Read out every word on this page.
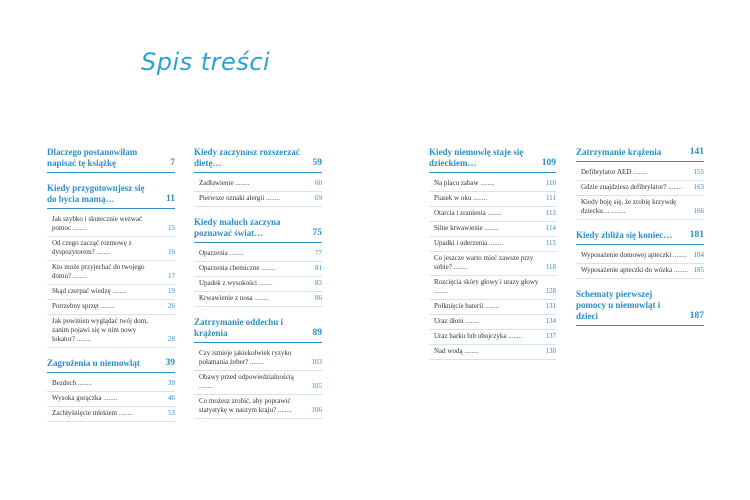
Spis treści
Dlaczego postanowiłam napisać tę książkę	7
Kiedy przygotowujesz się do bycia mamą…	11
Jak szybko i skutecznie wezwać pomoc ........	15
Od czego zacząć rozmowę z dyspozytorem? ........	16
Kto może przyjechać do twojego domu? ........	17
Skąd czerpać wiedzę ........	19
Potrzebny sprzęt ........	26
Jak powinien wyglądać twój dom, zanim pojawi się w nim nowy lokator? ........	28
Zagrożenia u niemowląt	39
Bezdech ........	39
Wysoka gorączka ........	46
Zachłyśnięcie mlekiem ........	53
Kiedy zaczynasz rozszerzać dietę…	59
Zadławienie ........	60
Pierwsze oznaki alergii ........	69
Kiedy maluch zaczyna poznawać świat…	75
Oparzenia ........	77
Oparzenia chemiczne ........	81
Upadek z wysokości ........	83
Krwawienie z nosa ........	86
Zatrzymanie oddechu i krążenia	89
Czy istnieje jakiekolwiek ryzyko połamania żeber? ........	103
Obawy przed odpowiedzialnością ........	105
Co możesz zrobić, aby poprawić statystykę w naszym kraju? ........	106
Kiedy niemowlę staje się dzieckiem…	109
Na placu zabaw ........	110
Piasek w oku ........	111
Otarcia i zranienia ........	113
Silne krwawienie ........	114
Upadki i uderzenia ........	115
Co jeszcze warto mieć zawsze przy sobie? ........	118
Rozcięcia skóry głowy i urazy głowy ........	128
Połknięcie baterii ........	131
Uraz dłoni ........	134
Uraz barku lub obojczyka ........	137
Nad wodą ........	138
Zatrzymanie krążenia	141
Defibrylator AED ........	155
Gdzie znajdziesz defibrylator? ........ 163
Kiedy boję się, że zrobię krzywdę dziecku… ........	166
Kiedy zbliża się koniec… 181
Wyposażenie domowej apteczki ........ 184
Wyposażenie apteczki do wózka ........ 185
Schematy pierwszej pomocy u niemowląt i dzieci	187
